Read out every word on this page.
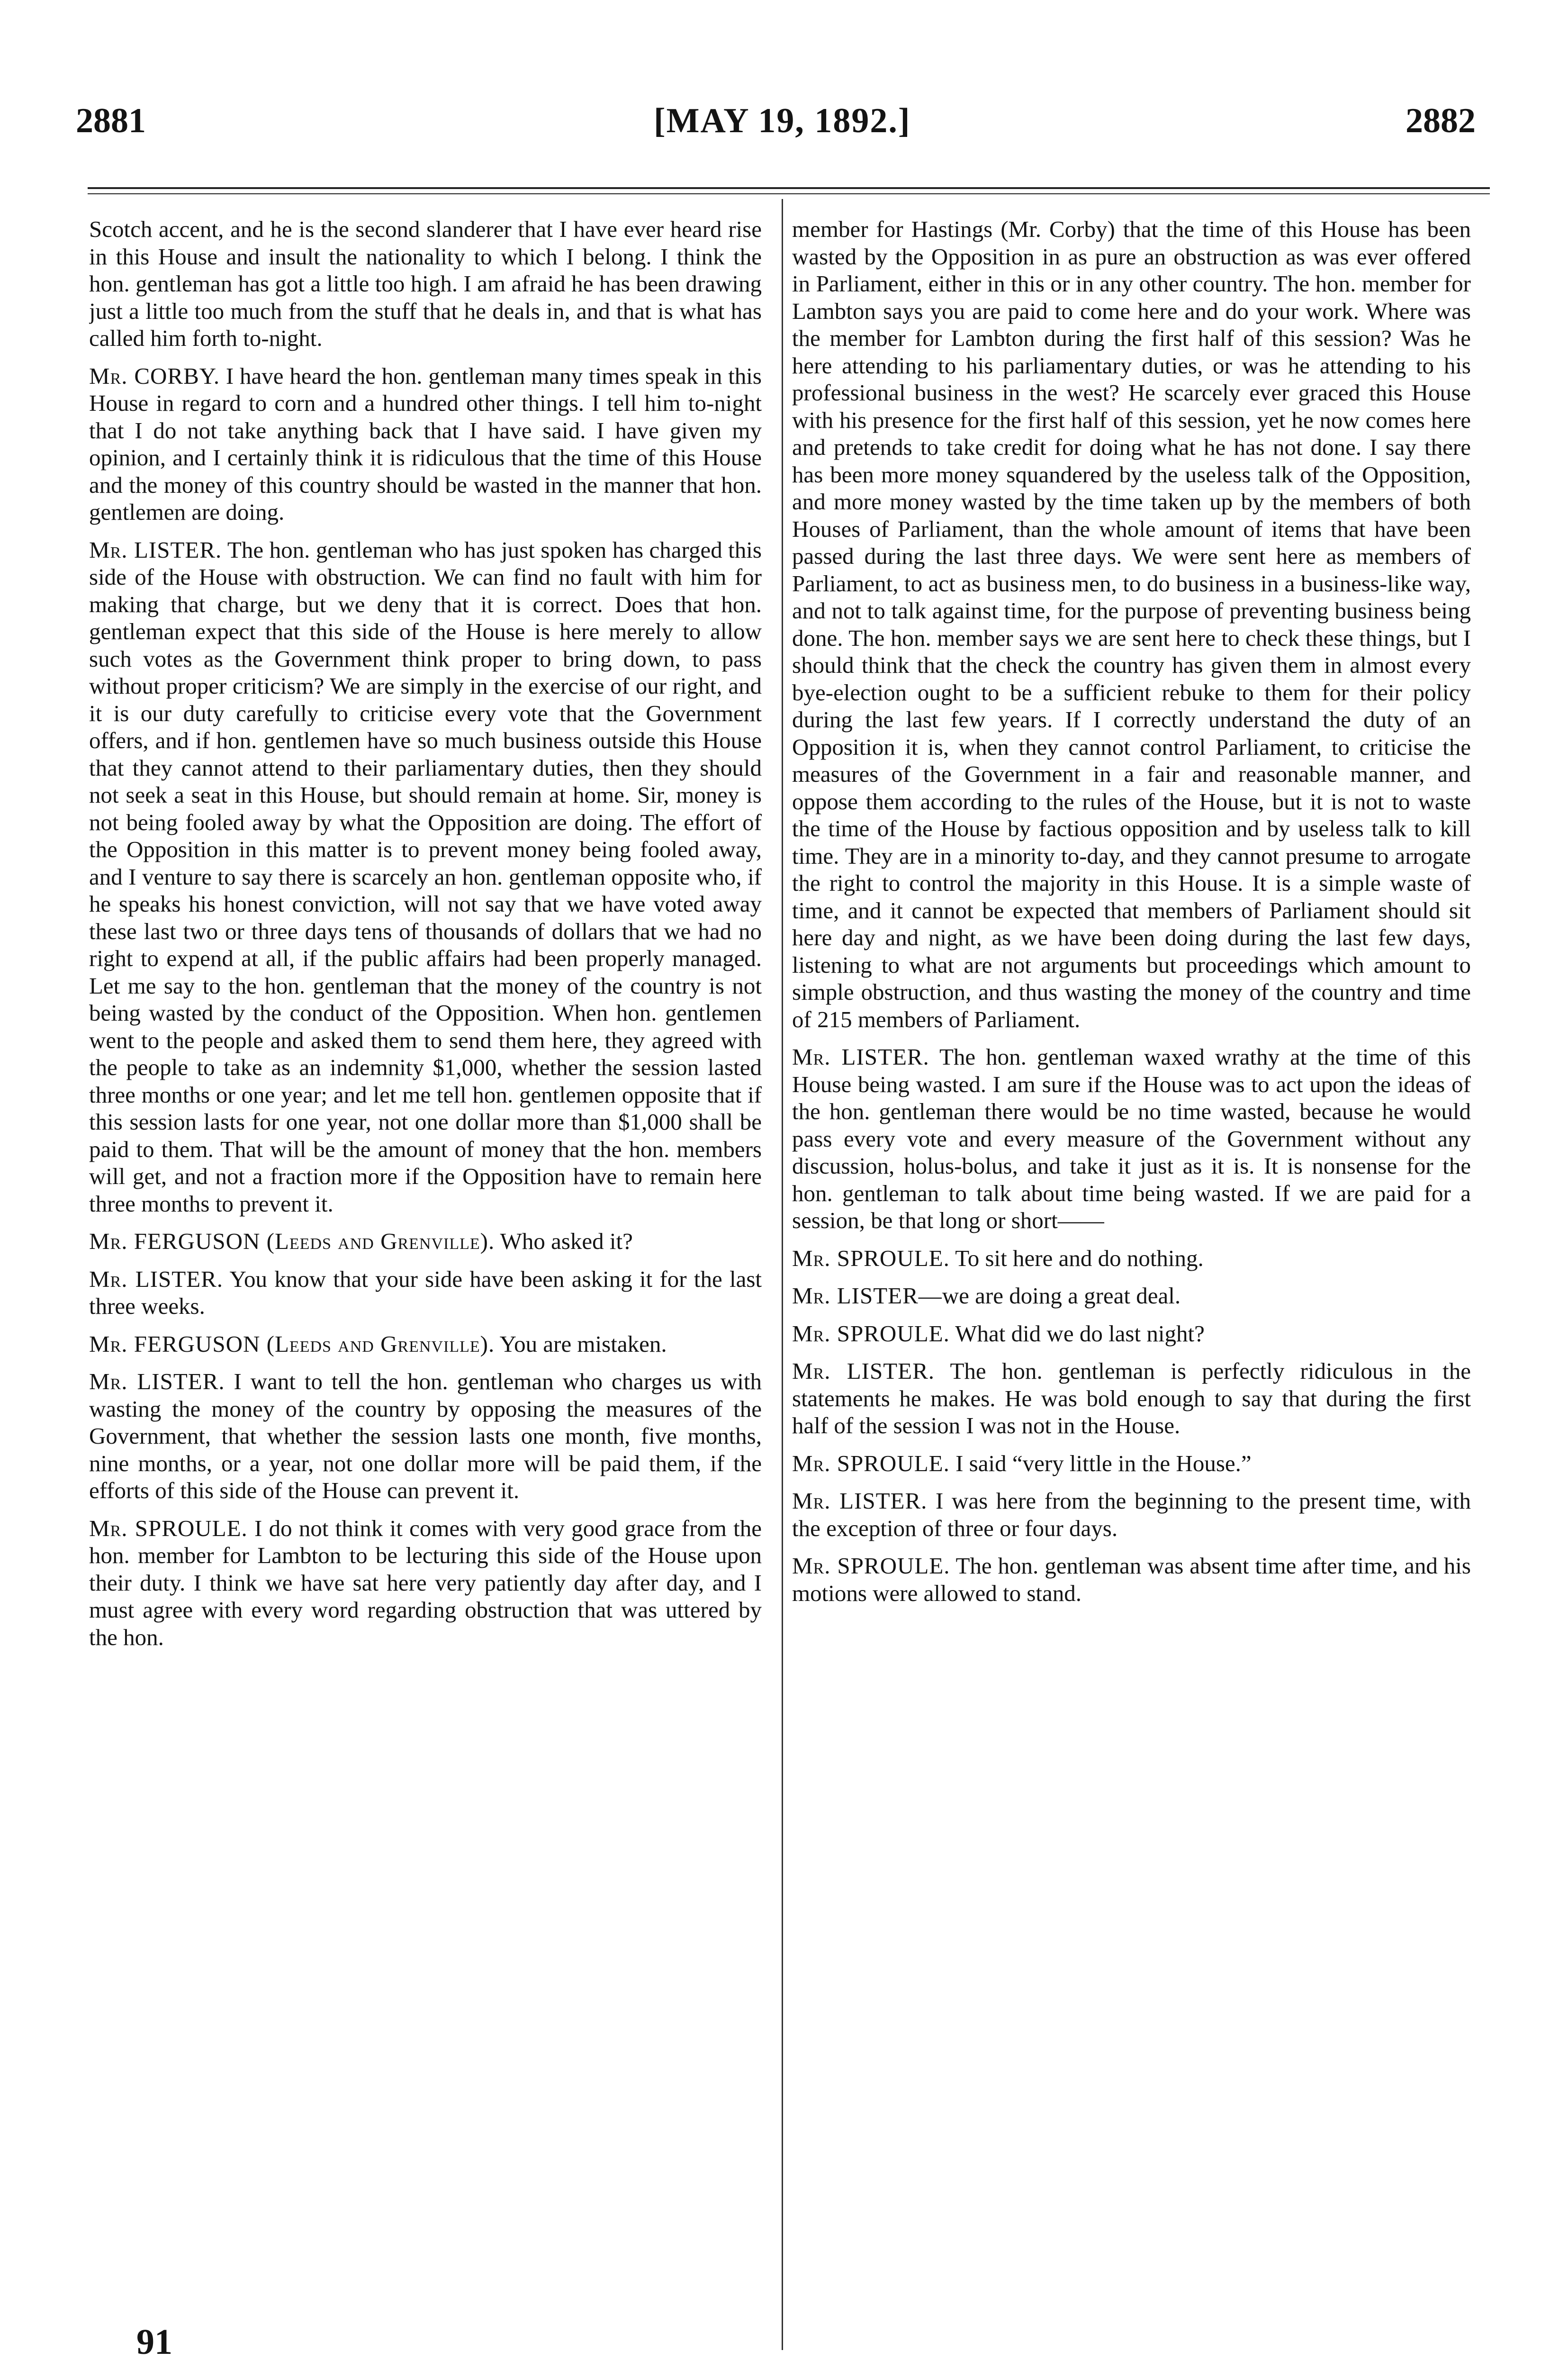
2881	[MAY 19, 1892.]	2882

Scotch accent, and he is the second slanderer that I have ever heard rise in this House and insult the nationality to which I belong. I think the hon. gentleman has got a little too high. I am afraid he has been drawing just a little too much from the stuff that he deals in, and that is what has called him forth to-night.

Mr. CORBY. I have heard the hon. gentleman many times speak in this House in regard to corn and a hundred other things. I tell him to-night that I do not take anything back that I have said. I have given my opinion, and I certainly think it is ridiculous that the time of this House and the money of this country should be wasted in the manner that hon. gentlemen are doing.

Mr. LISTER. The hon. gentleman who has just spoken has charged this side of the House with obstruction. We can find no fault with him for making that charge, but we deny that it is correct. Does that hon. gentleman expect that this side of the House is here merely to allow such votes as the Government think proper to bring down, to pass without proper criticism? We are simply in the exercise of our right, and it is our duty carefully to criticise every vote that the Government offers, and if hon. gentlemen have so much business outside this House that they cannot attend to their parliamentary duties, then they should not seek a seat in this House, but should remain at home. Sir, money is not being fooled away by what the Opposition are doing. The effort of the Opposition in this matter is to prevent money being fooled away, and I venture to say there is scarcely an hon. gentleman opposite who, if he speaks his honest conviction, will not say that we have voted away these last two or three days tens of thousands of dollars that we had no right to expend at all, if the public affairs had been properly managed. Let me say to the hon. gentleman that the money of the country is not being wasted by the conduct of the Opposition. When hon. gentlemen went to the people and asked them to send them here, they agreed with the people to take as an indemnity $1,000, whether the session lasted three months or one year; and let me tell hon. gentlemen opposite that if this session lasts for one year, not one dollar more than $1,000 shall be paid to them. That will be the amount of money that the hon. members will get, and not a fraction more if the Opposition have to remain here three months to prevent it.

Mr. FERGUSON (Leeds and Grenville). Who asked it?

Mr. LISTER. You know that your side have been asking it for the last three weeks.

Mr. FERGUSON (Leeds and Grenville). You are mistaken.

Mr. LISTER. I want to tell the hon. gentleman who charges us with wasting the money of the country by opposing the measures of the Government, that whether the session lasts one month, five months, nine months, or a year, not one dollar more will be paid them, if the efforts of this side of the House can prevent it.

Mr. SPROULE. I do not think it comes with very good grace from the hon. member for Lambton to be lecturing this side of the House upon their duty. I think we have sat here very patiently day after day, and I must agree with every word regarding obstruction that was uttered by the hon.

member for Hastings (Mr. Corby) that the time of this House has been wasted by the Opposition in as pure an obstruction as was ever offered in Parliament, either in this or in any other country. The hon. member for Lambton says you are paid to come here and do your work. Where was the member for Lambton during the first half of this session? Was he here attending to his parliamentary duties, or was he attending to his professional business in the west? He scarcely ever graced this House with his presence for the first half of this session, yet he now comes here and pretends to take credit for doing what he has not done. I say there has been more money squandered by the useless talk of the Opposition, and more money wasted by the time taken up by the members of both Houses of Parliament, than the whole amount of items that have been passed during the last three days. We were sent here as members of Parliament, to act as business men, to do business in a business-like way, and not to talk against time, for the purpose of preventing business being done. The hon. member says we are sent here to check these things, but I should think that the check the country has given them in almost every bye-election ought to be a sufficient rebuke to them for their policy during the last few years. If I correctly understand the duty of an Opposition it is, when they cannot control Parliament, to criticise the measures of the Government in a fair and reasonable manner, and oppose them according to the rules of the House, but it is not to waste the time of the House by factious opposition and by useless talk to kill time. They are in a minority to-day, and they cannot presume to arrogate the right to control the majority in this House. It is a simple waste of time, and it cannot be expected that members of Parliament should sit here day and night, as we have been doing during the last few days, listening to what are not arguments but proceedings which amount to simple obstruction, and thus wasting the money of the country and time of 215 members of Parliament.

Mr. LISTER. The hon. gentleman waxed wrathy at the time of this House being wasted. I am sure if the House was to act upon the ideas of the hon. gentleman there would be no time wasted, because he would pass every vote and every measure of the Government without any discussion, holus-bolus, and take it just as it is. It is nonsense for the hon. gentleman to talk about time being wasted. If we are paid for a session, be that long or short——

Mr. SPROULE. To sit here and do nothing.

Mr. LISTER—we are doing a great deal.

Mr. SPROULE. What did we do last night?

Mr. LISTER. The hon. gentleman is perfectly ridiculous in the statements he makes. He was bold enough to say that during the first half of the session I was not in the House.

Mr. SPROULE. I said “very little in the House.”

Mr. LISTER. I was here from the beginning to the present time, with the exception of three or four days.

Mr. SPROULE. The hon. gentleman was absent time after time, and his motions were allowed to stand.

91
